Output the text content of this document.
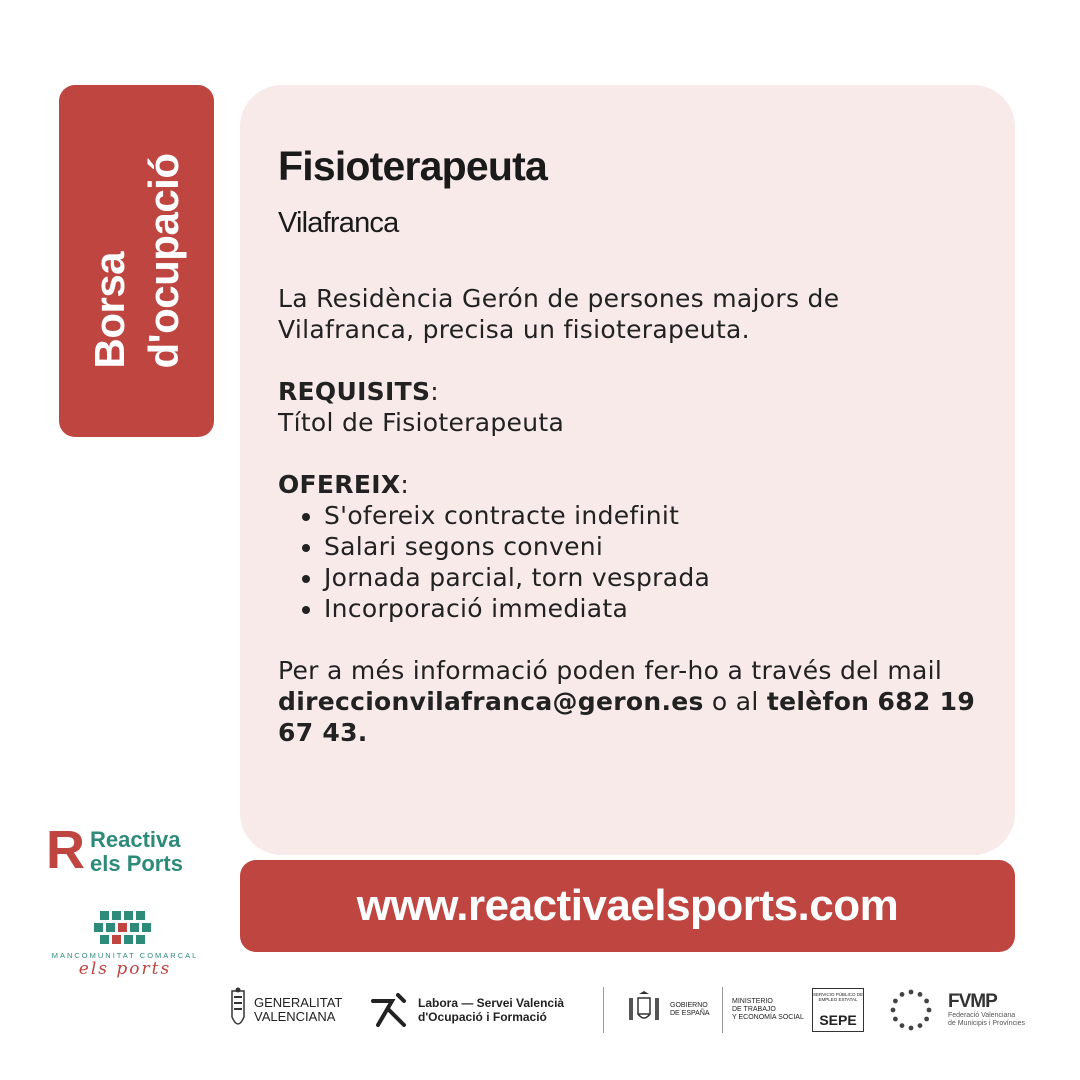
Borsa d'ocupació Fisioterapeuta

Vilafranca

La Residència Gerón de persones majors de Vilafranca, precisa un fisioterapeuta.

REQUISITS:

Títol de Fisioterapeuta

OFEREIX:

• S'ofereix contracte indefinit
• Salari segons conveni
• Jornada parcial, torn vesprada
• Incorporació immediata

Per a més informació poden fer-ho a través del mail direccionvilafranca@geron.es o al telèfon 682 19 67 43.

www.reactivaelsports.com
R Reactiva
els Ports
MANCOMUNITAT COMARCAL
els ports
GENERALITAT
VALENCIANA
Labora — Servei Valencià
d'Ocupació i Formació
GOBIERNO
DE ESPAÑA
MINISTERIO
DE TRABAJO
Y ECONOMÍA SOCIAL
SERVICIO PÚBLICO DE EMPLEO ESTATAL
SEPE
FVMP
Federació Valenciana
de Municipis i Províncies
